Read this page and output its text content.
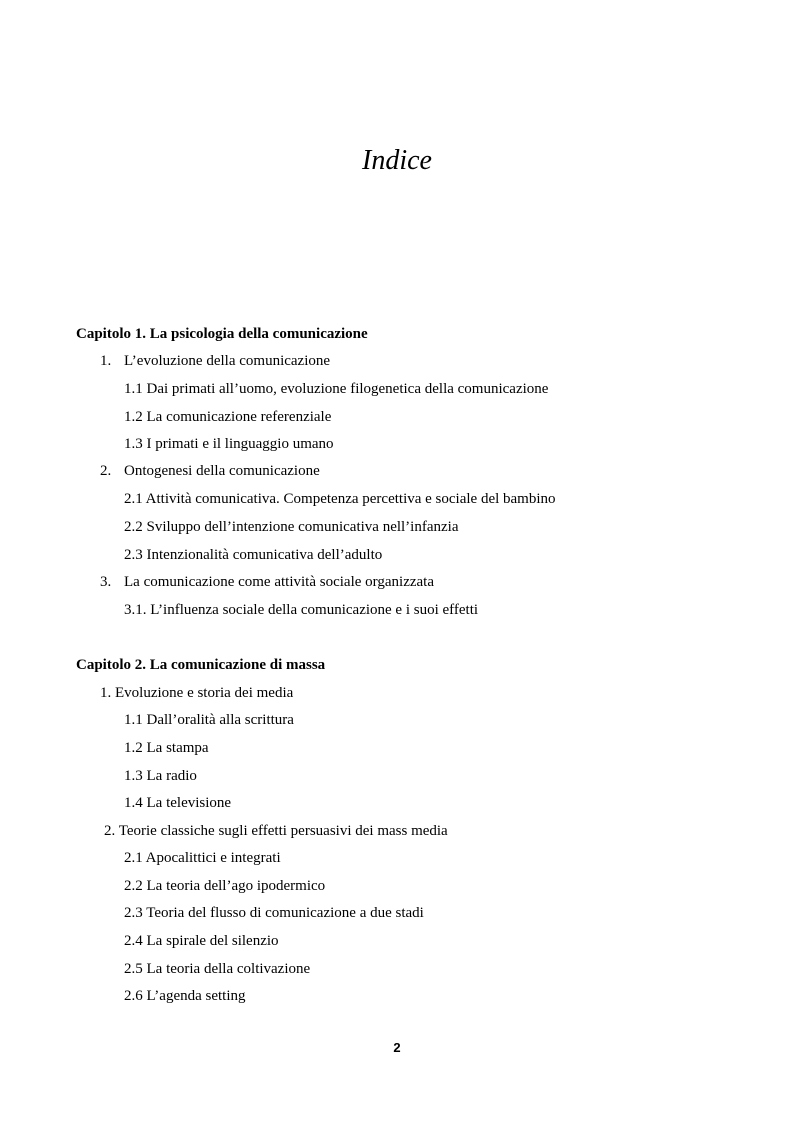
Indice
Capitolo 1. La psicologia della comunicazione
1. L’evoluzione della comunicazione
1.1 Dai primati all’uomo, evoluzione filogenetica della comunicazione
1.2 La comunicazione referenziale
1.3 I primati e il linguaggio umano
2. Ontogenesi della comunicazione
2.1 Attività comunicativa. Competenza percettiva e sociale del bambino
2.2 Sviluppo dell’intenzione comunicativa nell’infanzia
2.3 Intenzionalità comunicativa dell’adulto
3. La comunicazione come attività sociale organizzata
3.1. L’influenza sociale della comunicazione e i suoi effetti
Capitolo 2. La comunicazione di massa
1. Evoluzione e storia dei media
1.1 Dall’oralità alla scrittura
1.2 La stampa
1.3 La radio
1.4 La televisione
2. Teorie classiche sugli effetti persuasivi dei mass media
2.1 Apocalittici e integrati
2.2 La teoria dell’ago ipodermico
2.3 Teoria del flusso di comunicazione a due stadi
2.4 La spirale del silenzio
2.5 La teoria della coltivazione
2.6 L’agenda setting
2
